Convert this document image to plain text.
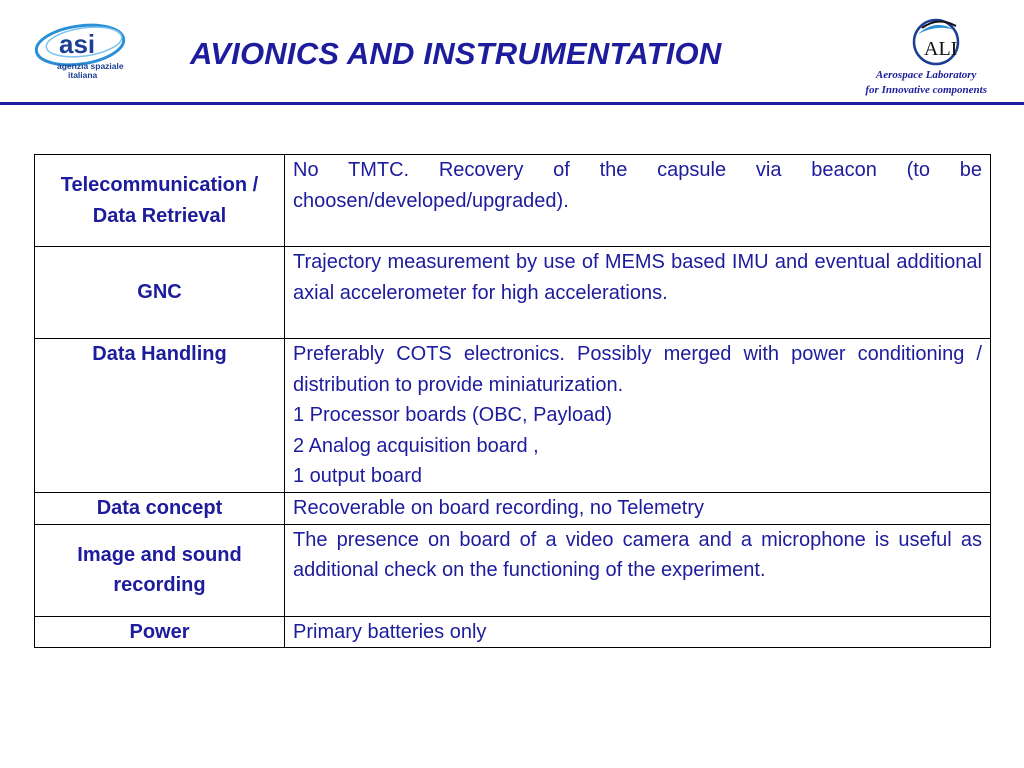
asi
agenzia spaziale
italiana
AVIONICS AND INSTRUMENTATION	ALI
Aerospace Laboratory
for Innovative components
Telecommunication / Data Retrieval	No TMTC. Recovery of the capsule via beacon (to be choosen/developed/upgraded).
GNC	Trajectory measurement by use of MEMS based IMU and eventual additional axial accelerometer for high accelerations.
Data Handling	Preferably COTS electronics. Possibly merged with power conditioning / distribution to provide miniaturization.
1 Processor boards (OBC, Payload)
2 Analog acquisition board ,
1 output board

Data concept	Recoverable on board recording, no Telemetry
Image and sound recording	The presence on board of a video camera and a microphone is useful as additional check on the functioning of the experiment.
Power	Primary batteries only
